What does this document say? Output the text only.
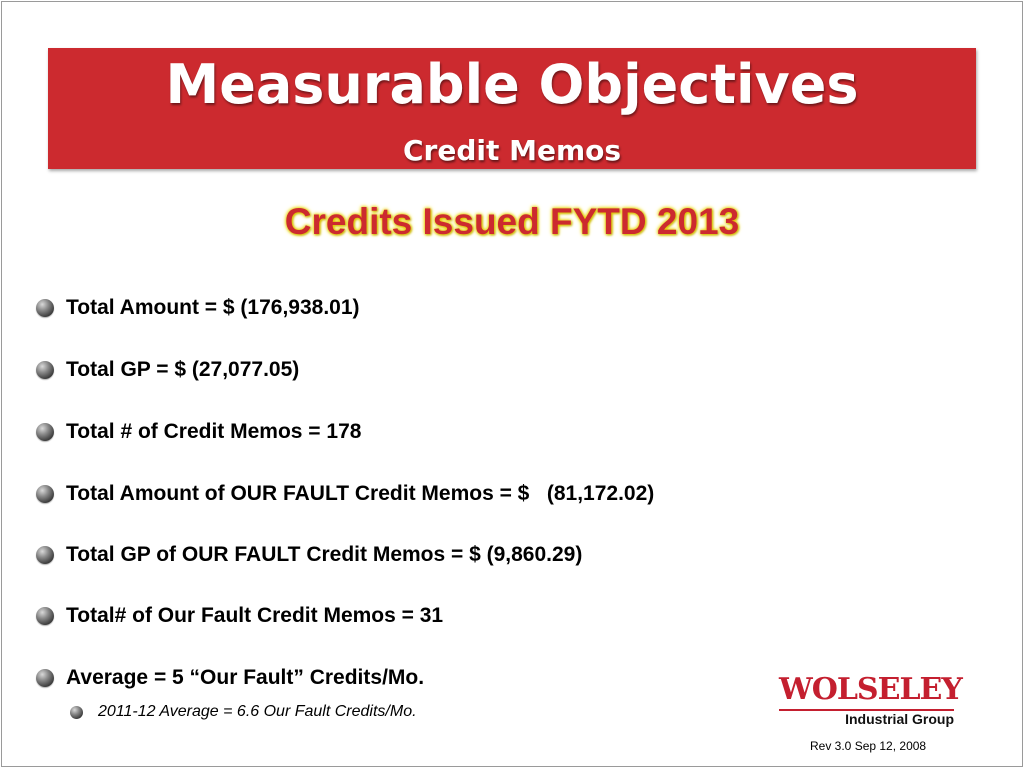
Measurable Objectives
Credit Memos
Credits Issued FYTD 2013
Total Amount = $ (176,938.01)
Total GP = $ (27,077.05)
Total # of Credit Memos = 178
Total Amount of OUR FAULT Credit Memos = $   (81,172.02)
Total GP of OUR FAULT Credit Memos = $ (9,860.29)
Total# of Our Fault Credit Memos = 31
Average = 5 “Our Fault” Credits/Mo.
2011-12 Average = 6.6 Our Fault Credits/Mo.
WOLSELEY
Industrial Group
Rev 3.0 Sep 12, 2008
